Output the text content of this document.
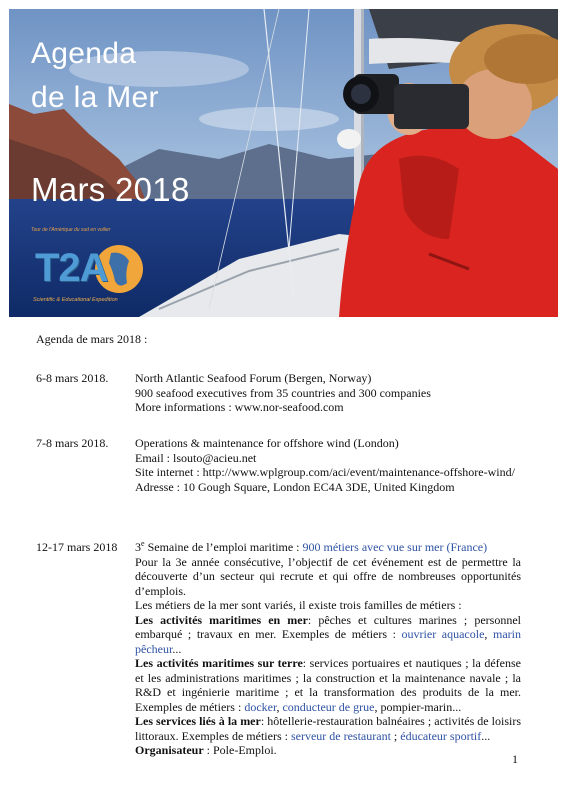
Agenda
de la Mer
Mars 2018
Tour de l'Amérique du sud en voilier
T2A
Scientific & Educational Expedition
Agenda de mars 2018 :
6-8 mars 2018. North Atlantic Seafood Forum (Bergen, Norway)

900 seafood executives from 35 countries and 300 companies

More informations : www.nor-seafood.com

7-8 mars 2018. Operations & maintenance for offshore wind (London)

Email : lsouto@acieu.net

Site internet : http://www.wplgroup.com/aci/event/maintenance-offshore-wind/

Adresse : 10 Gough Square, London EC4A 3DE, United Kingdom

12-17 mars 2018 3e Semaine de l’emploi maritime : 900 métiers avec vue sur mer (France)

Pour la 3e année consécutive, l’objectif de cet événement est de permettre la découverte d’un secteur qui recrute et qui offre de nombreuses opportunités d’emplois.

Les métiers de la mer sont variés, il existe trois familles de métiers :

Les activités maritimes en mer: pêches et cultures marines ; personnel embarqué ; travaux en mer. Exemples de métiers : ouvrier aquacole, marin pêcheur...

Les activités maritimes sur terre: services portuaires et nautiques ; la défense et les administrations maritimes ; la construction et la maintenance navale ; la R&D et ingénierie maritime ; et la transformation des produits de la mer. Exemples de métiers : docker, conducteur de grue, pompier-marin...

Les services liés à la mer: hôtellerie-restauration balnéaires ; activités de loisirs littoraux. Exemples de métiers : serveur de restaurant ; éducateur sportif...

Organisateur : Pole-Emploi.

1
